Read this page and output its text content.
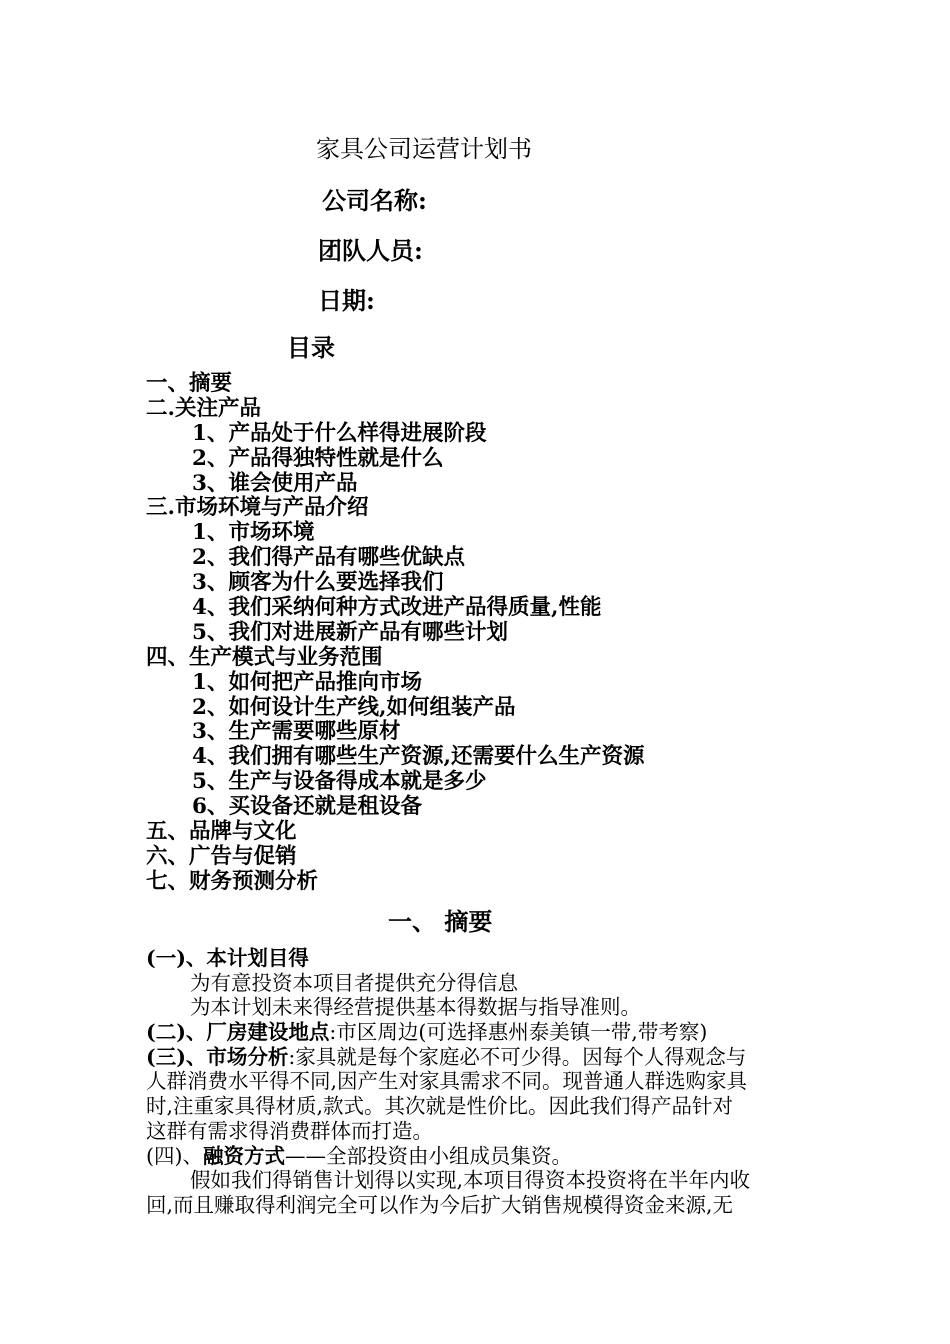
家具公司运营计划书
公司名称:
团队人员:
日期:
目录
一、摘要
二.关注产品
1、产品处于什么样得进展阶段
2、产品得独特性就是什么
3、谁会使用产品
三.市场环境与产品介绍
1、市场环境
2、我们得产品有哪些优缺点
3、顾客为什么要选择我们
4、我们采纳何种方式改进产品得质量,性能
5、我们对进展新产品有哪些计划
四、生产模式与业务范围
1、如何把产品推向市场
2、如何设计生产线,如何组装产品
3、生产需要哪些原材
4、我们拥有哪些生产资源,还需要什么生产资源
5、生产与设备得成本就是多少
6、买设备还就是租设备
五、品牌与文化
六、广告与促销
七、财务预测分析
一、 摘要
(一)、本计划目得
为有意投资本项目者提供充分得信息
为本计划未来得经营提供基本得数据与指导准则。
(二)、厂房建设地点:市区周边(可选择惠州泰美镇一带,带考察)
(三)、市场分析:家具就是每个家庭必不可少得。因每个人得观念与
人群消费水平得不同,因产生对家具需求不同。现普通人群选购家具
时,注重家具得材质,款式。其次就是性价比。因此我们得产品针对
这群有需求得消费群体而打造。
(四)、融资方式——全部投资由小组成员集资。
假如我们得销售计划得以实现,本项目得资本投资将在半年内收
回,而且赚取得利润完全可以作为今后扩大销售规模得资金来源,无
